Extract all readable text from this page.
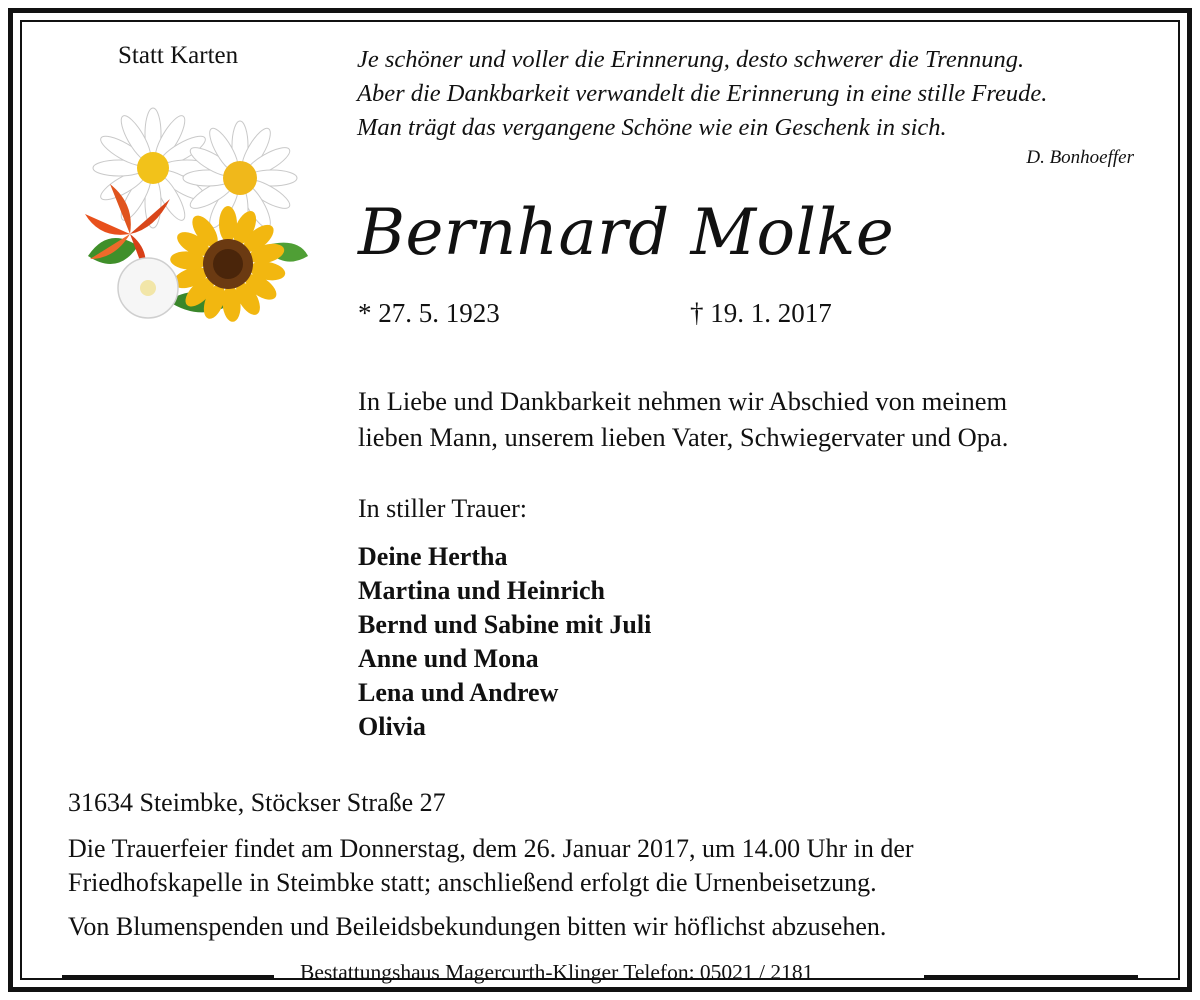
Statt Karten	Je schöner und voller die Erinnerung, desto schwerer die Trennung.
Aber die Dankbarkeit verwandelt die Erinnerung in eine stille Freude.
Man trägt das vergangene Schöne wie ein Geschenk in sich.
D. Bonhoeffer
Bernhard Molke
* 27. 5. 1923	† 19. 1. 2017
In Liebe und Dankbarkeit nehmen wir Abschied von meinem
lieben Mann, unserem lieben Vater, Schwiegervater und Opa.
In stiller Trauer:
Deine Hertha
Martina und Heinrich
Bernd und Sabine mit Juli
Anne und Mona
Lena und Andrew
Olivia
31634 Steimbke, Stöckser Straße 27
Die Trauerfeier findet am Donnerstag, dem 26. Januar 2017, um 14.00 Uhr in der
Friedhofskapelle in Steimbke statt; anschließend erfolgt die Urnenbeisetzung.
Von Blumenspenden und Beileidsbekundungen bitten wir höflichst abzusehen.
Bestattungshaus Magercurth-Klinger Telefon: 05021 / 2181
